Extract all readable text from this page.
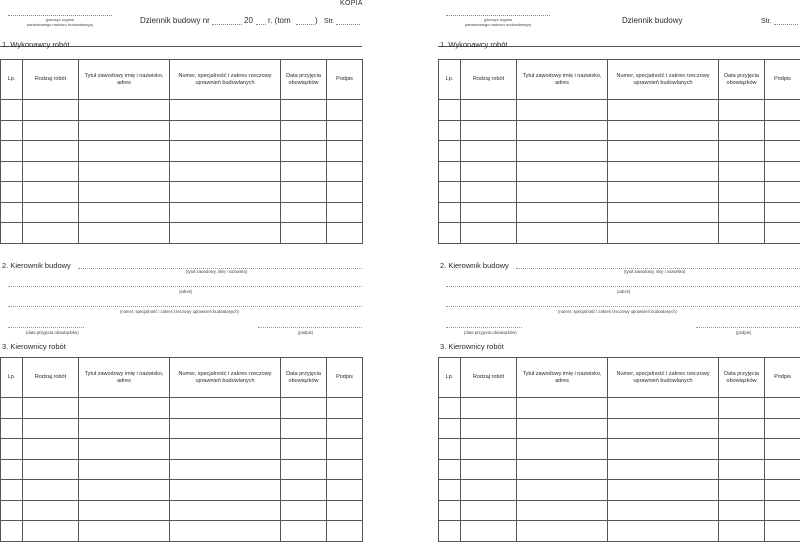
KOPIA
(pieczęć organu
państwowego nadzoru budowlanego)	Dziennik budowy nr	20 r. (tom	) Str.
1. Wykonawcy robót
Lp.	Rodzaj robót	Tytuł zawodowy imię i nazwisko, adres	Numer, specjalność i zakres rzeczowy uprawnień budowlanych	Data przyjęcia obowiązków	Podpis

2. Kierownik budowy
(tytuł zawodowy, imię i nazwisko)
(adres)
(numer, specjalność i zakres rzeczowy uprawnień budowlanych)
(data przyjęcia obowiązków)	(podpis)
3. Kierownicy robót
Lp.	Rodzaj robót	Tytuł zawodowy imię i nazwisko, adres	Numer, specjalność i zakres rzeczowy uprawnień budowlanych	Data przyjęcia obowiązków	Podpis

(pieczęć organu
państwowego nadzoru budowlanego)	Dziennik budowy	Str.
1. Wykonawcy robót
Lp.	Rodzaj robót	Tytuł zawodowy imię i nazwisko, adres	Numer, specjalność i zakres rzeczowy uprawnień budowlanych	Data przyjęcia obowiązków	Podpis

2. Kierownik budowy
(tytuł zawodowy, imię i nazwisko)
(adres)
(numer, specjalność i zakres rzeczowy uprawnień budowlanych)
(data przyjęcia obowiązków)	(podpis)
3. Kierownicy robót
Lp.	Rodzaj robót	Tytuł zawodowy imię i nazwisko, adres	Numer, specjalność i zakres rzeczowy uprawnień budowlanych	Data przyjęcia obowiązków	Podpis
